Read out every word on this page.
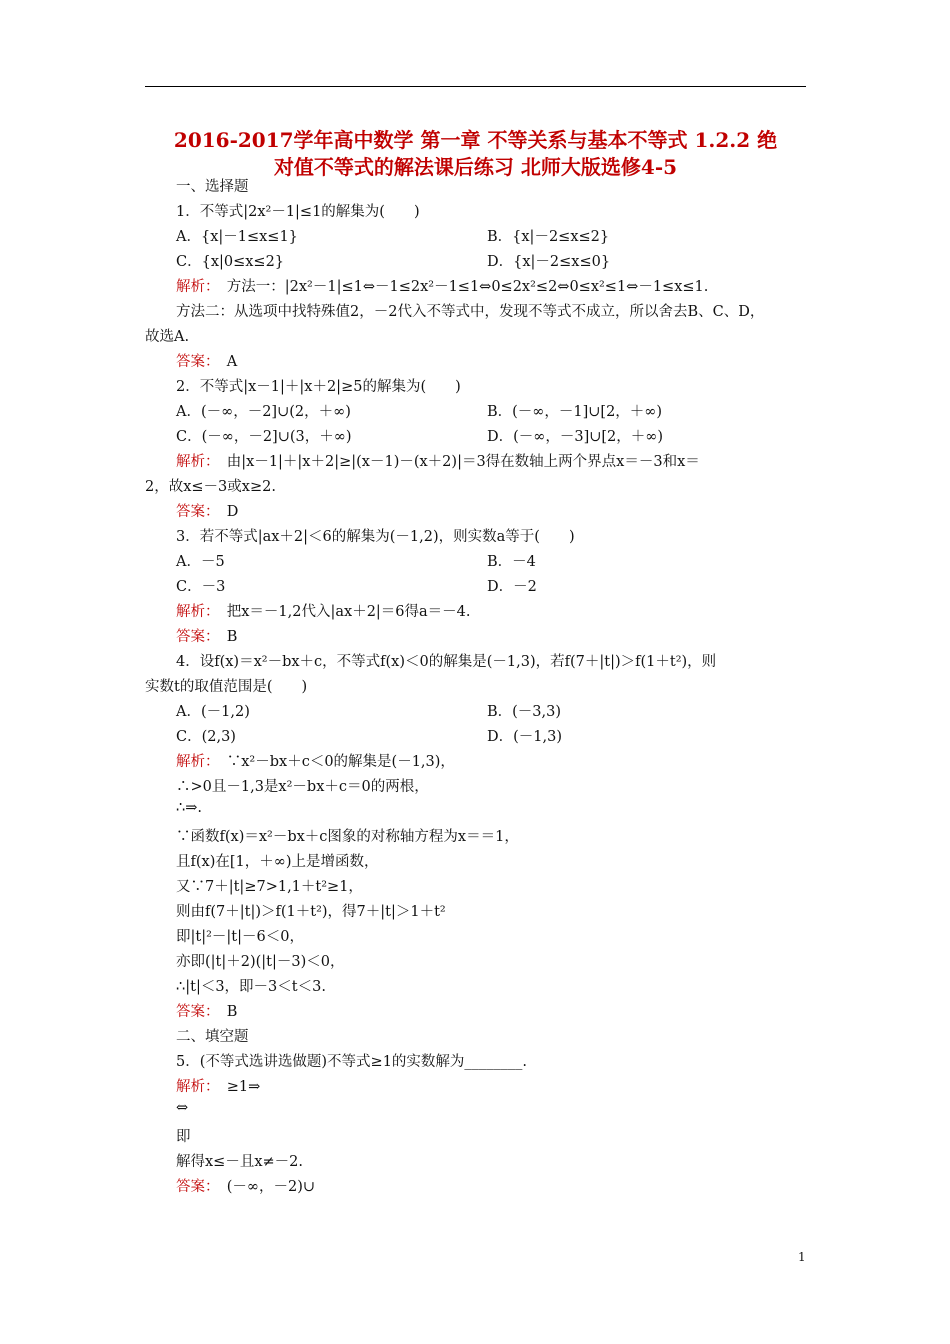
2016-2017学年高中数学 第一章 不等关系与基本不等式 1.2.2 绝
对值不等式的解法课后练习 北师大版选修4-5
一、选择题
1．不等式|2x²－1|≤1的解集为(　　)
A．{x|－1≤x≤1}	B．{x|－2≤x≤2}
C．{x|0≤x≤2}	D．{x|－2≤x≤0}
解析：　 方法一：|2x²－1|≤1⇔－1≤2x²－1≤1⇔0≤2x²≤2⇔0≤x²≤1⇔－1≤x≤1.
方法二：从选项中找特殊值2，－2代入不等式中，发现不等式不成立，所以舍去B、C、D，
故选A.
答案：　 A
2．不等式|x－1|＋|x＋2|≥5的解集为(　　)
A．(－∞，－2]∪(2，＋∞)	B．(－∞，－1]∪[2，＋∞)
C．(－∞，－2]∪(3，＋∞)	D．(－∞，－3]∪[2，＋∞)
解析：　 由|x－1|＋|x＋2|≥|(x－1)－(x＋2)|＝3得在数轴上两个界点x＝－3和x＝
2，故x≤－3或x≥2.
答案：　 D
3．若不等式|ax＋2|＜6的解集为(－1,2)，则实数a等于(　　)
A．－5	B．－4
C．－3	D．－2
解析：　 把x＝－1,2代入|ax＋2|＝6得a＝－4.
答案：　 B
4．设f(x)＝x²－bx＋c，不等式f(x)＜0的解集是(－1,3)，若f(7＋|t|)＞f(1＋t²)，则
实数t的取值范围是(　　)
A．(－1,2)	B．(－3,3)
C．(2,3)	D．(－1,3)
解析：　 ∵x²－bx＋c＜0的解集是(－1,3)，
∴>0且－1,3是x²－bx＋c＝0的两根，
∴⇒.
∵函数f(x)＝x²－bx＋c图象的对称轴方程为x＝＝1，
且f(x)在[1，＋∞)上是增函数，
又∵7＋|t|≥7>1,1＋t²≥1，
则由f(7＋|t|)＞f(1＋t²)，得7＋|t|＞1＋t²
即|t|²－|t|－6＜0，
亦即(|t|＋2)(|t|－3)＜0，
∴|t|＜3，即－3＜t＜3.
答案：　 B
二、填空题
5．(不等式选讲选做题)不等式≥1的实数解为________.
解析：　 ≥1⇒
⇔
即
解得x≤－且x≠－2.
答案：　 (－∞，－2)∪
1
